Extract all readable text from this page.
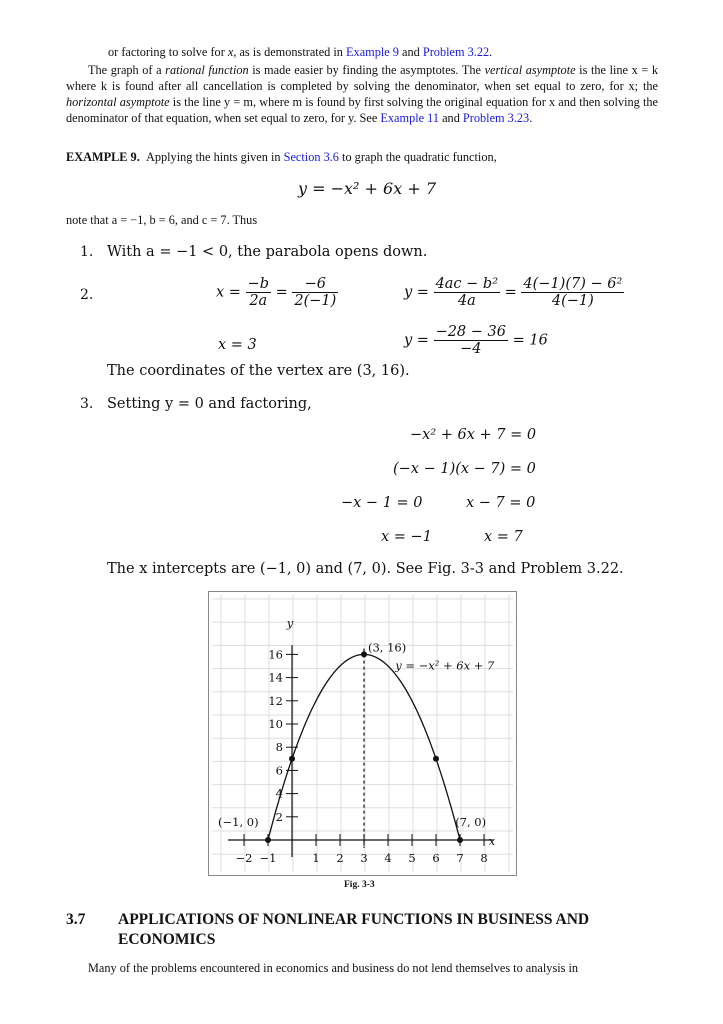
or factoring to solve for x, as is demonstrated in Example 9 and Problem 3.22.
The graph of a rational function is made easier by finding the asymptotes. The vertical asymptote is the line x = k where k is found after all cancellation is completed by solving the denominator, when set equal to zero, for x; the horizontal asymptote is the line y = m, where m is found by first solving the original equation for x and then solving the denominator of that equation, when set equal to zero, for y. See Example 11 and Problem 3.23.
EXAMPLE 9. Applying the hints given in Section 3.6 to graph the quadratic function,
y = −x² + 6x + 7
note that a = −1, b = 6, and c = 7. Thus
1. With a = −1 < 0, the parabola opens down.
2.	$x = \frac{-b}{2a} = \frac{-6}{2(-1)}$	$y = \frac{\text{4ac − b²}}{4a} = \frac{\text{4(−1)(7) − 6²}}{4(-1)}$
x = 3	$y = \frac{-28 - 36}{-4} = 16$
The coordinates of the vertex are (3, 16).
3. Setting y = 0 and factoring,
−x² + 6x + 7 = 0
(−x − 1)(x − 7) = 0
−x − 1 = 0	x − 7 = 0
x = −1	x = 7
The x intercepts are (−1, 0) and (7, 0). See Fig. 3-3 and Problem 3.22.
y
x
(3, 16)
y = −x² + 6x + 7
(−1, 0)	(7, 0)
2
4
6
8
10
12
14
16
−2 −1	1 2 3 4 5 6 7 8
Fig. 3-3
3.7 APPLICATIONS OF NONLINEAR FUNCTIONS IN BUSINESS AND ECONOMICS
Many of the problems encountered in economics and business do not lend themselves to analysis in
